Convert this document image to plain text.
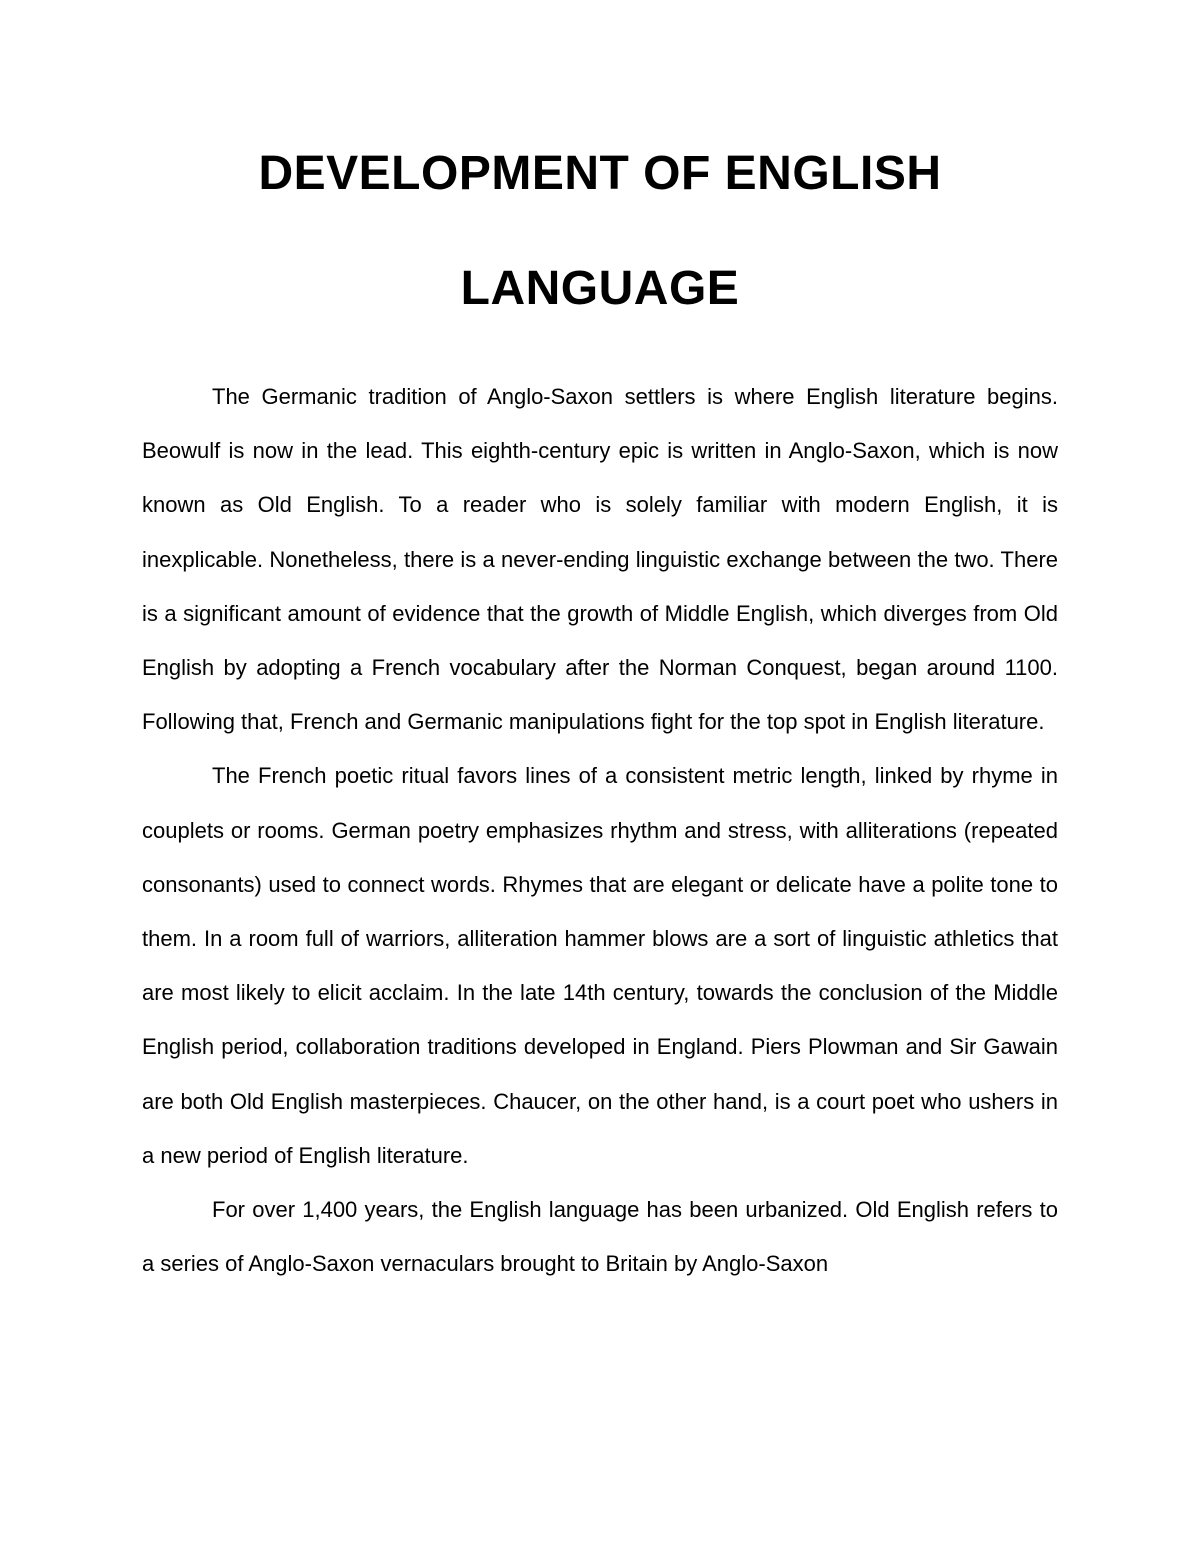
DEVELOPMENT OF ENGLISH
LANGUAGE

The Germanic tradition of Anglo-Saxon settlers is where English literature begins. Beowulf is now in the lead. This eighth-century epic is written in Anglo-Saxon, which is now known as Old English. To a reader who is solely familiar with modern English, it is inexplicable. Nonetheless, there is a never-ending linguistic exchange between the two. There is a significant amount of evidence that the growth of Middle English, which diverges from Old English by adopting a French vocabulary after the Norman Conquest, began around 1100. Following that, French and Germanic manipulations fight for the top spot in English literature.

The French poetic ritual favors lines of a consistent metric length, linked by rhyme in couplets or rooms. German poetry emphasizes rhythm and stress, with alliterations (repeated consonants) used to connect words. Rhymes that are elegant or delicate have a polite tone to them. In a room full of warriors, alliteration hammer blows are a sort of linguistic athletics that are most likely to elicit acclaim. In the late 14th century, towards the conclusion of the Middle English period, collaboration traditions developed in England. Piers Plowman and Sir Gawain are both Old English masterpieces. Chaucer, on the other hand, is a court poet who ushers in a new period of English literature.

For over 1,400 years, the English language has been urbanized. Old English refers to a series of Anglo-Saxon vernaculars brought to Britain by Anglo-Saxon
